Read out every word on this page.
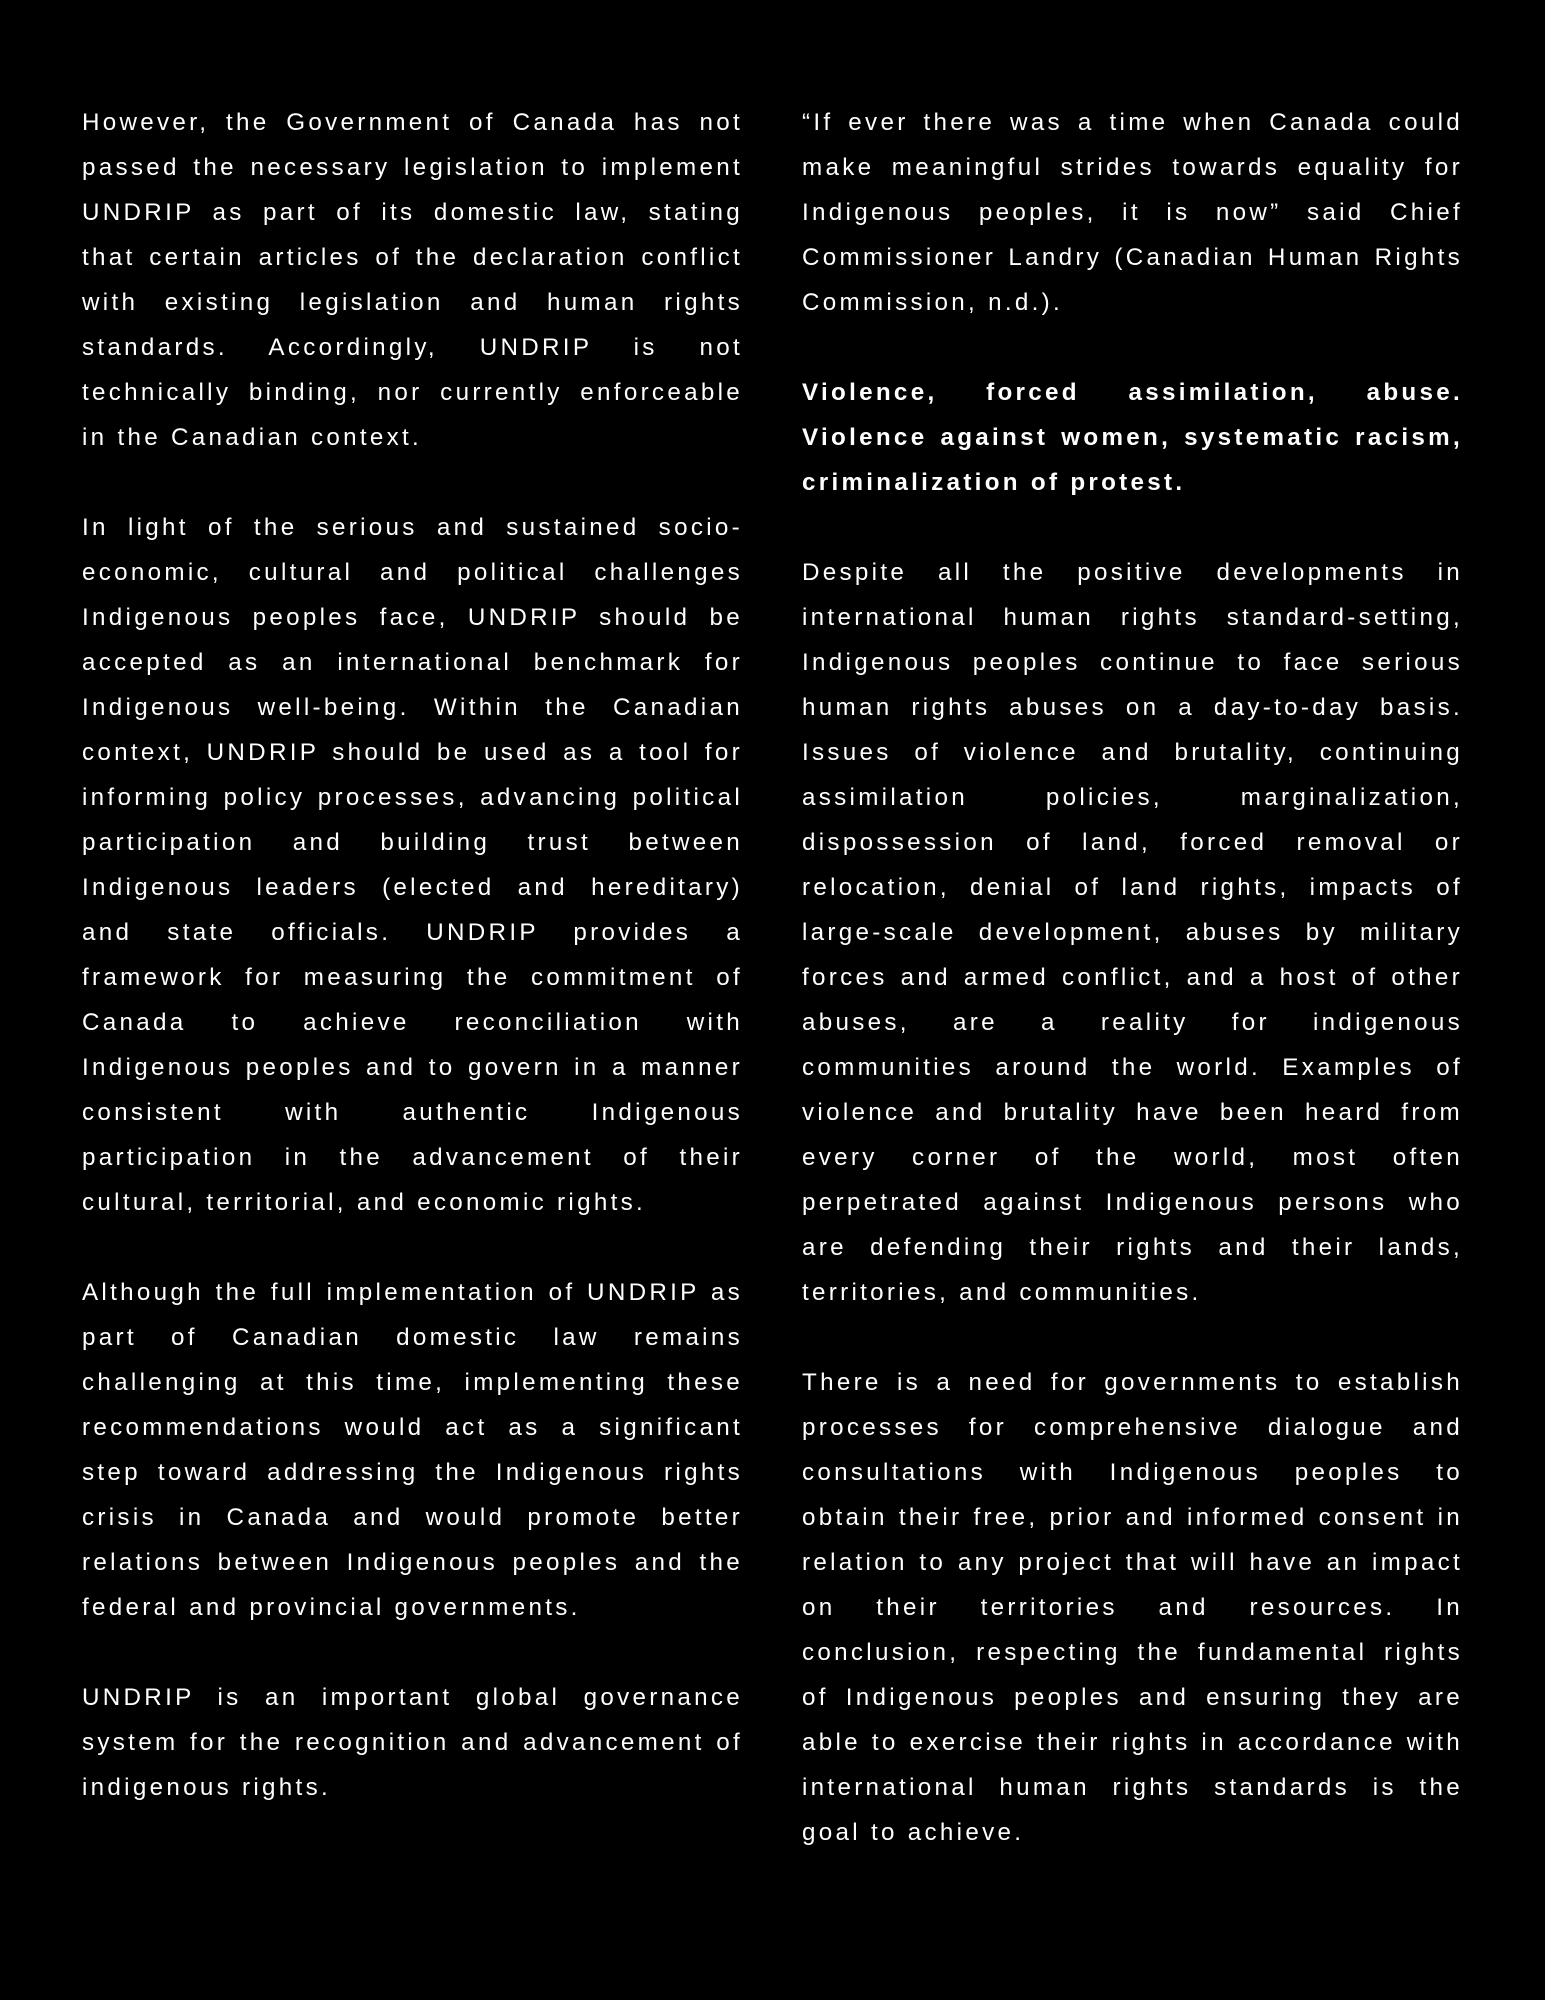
However, the Government of Canada has not passed the necessary legislation to implement UNDRIP as part of its domestic law, stating that certain articles of the declaration conflict with existing legislation and human rights standards. Accordingly, UNDRIP is not technically binding, nor currently enforceable in the Canadian context.

In light of the serious and sustained socio-economic, cultural and political challenges Indigenous peoples face, UNDRIP should be accepted as an international benchmark for Indigenous well-being. Within the Canadian context, UNDRIP should be used as a tool for informing policy processes, advancing political participation and building trust between Indigenous leaders (elected and hereditary) and state officials. UNDRIP provides a framework for measuring the commitment of Canada to achieve reconciliation with Indigenous peoples and to govern in a manner consistent with authentic Indigenous participation in the advancement of their cultural, territorial, and economic rights.

Although the full implementation of UNDRIP as part of Canadian domestic law remains challenging at this time, implementing these recommendations would act as a significant step toward addressing the Indigenous rights crisis in Canada and would promote better relations between Indigenous peoples and the federal and provincial governments.

UNDRIP is an important global governance system for the recognition and advancement of indigenous rights.

“If ever there was a time when Canada could make meaningful strides towards equality for Indigenous peoples, it is now” said Chief Commissioner Landry (Canadian Human Rights Commission, n.d.).

Violence, forced assimilation, abuse. Violence against women, systematic racism, criminalization of protest.

Despite all the positive developments in international human rights standard-setting, Indigenous peoples continue to face serious human rights abuses on a day-to-day basis. Issues of violence and brutality, continuing assimilation policies, marginalization, dispossession of land, forced removal or relocation, denial of land rights, impacts of large-scale development, abuses by military forces and armed conflict, and a host of other abuses, are a reality for indigenous communities around the world. Examples of violence and brutality have been heard from every corner of the world, most often perpetrated against Indigenous persons who are defending their rights and their lands, territories, and communities.

There is a need for governments to establish processes for comprehensive dialogue and consultations with Indigenous peoples to obtain their free, prior and informed consent in relation to any project that will have an impact on their territories and resources. In conclusion, respecting the fundamental rights of Indigenous peoples and ensuring they are able to exercise their rights in accordance with international human rights standards is the goal to achieve.
